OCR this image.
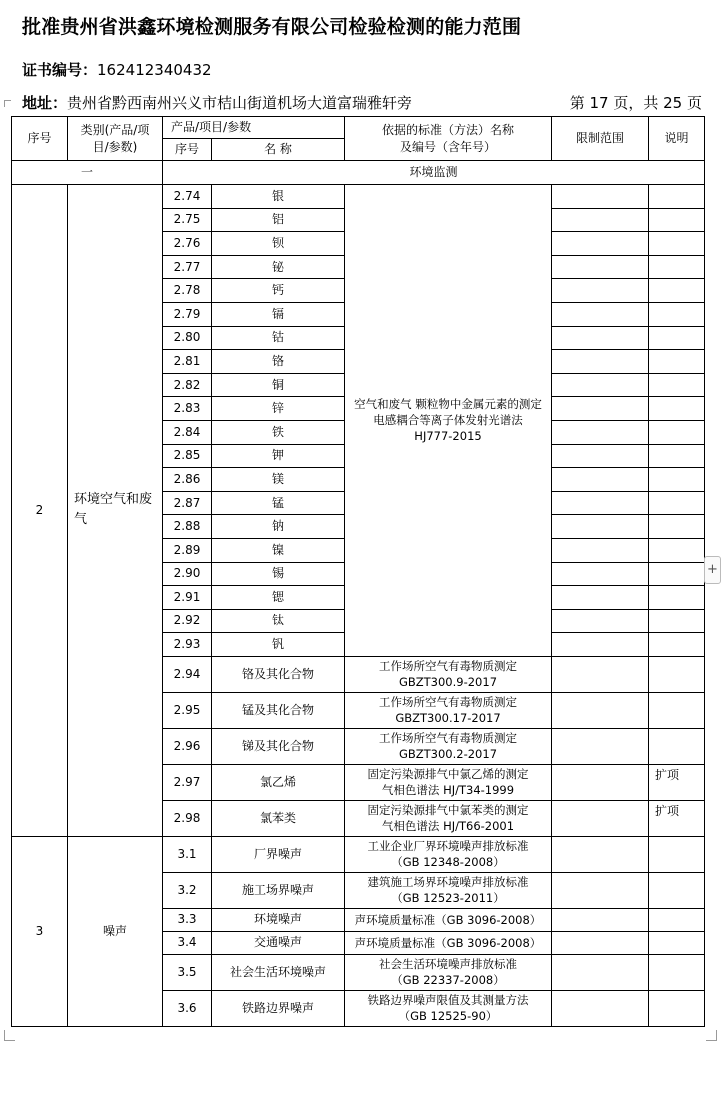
批准贵州省洪鑫环境检测服务有限公司检验检测的能力范围
证书编号：162412340432
地址：贵州省黔西南州兴义市桔山街道机场大道富瑞雅轩旁	第 17 页，共 25 页
序号	类别(产品/项
目/参数)	产品/项目/参数		依据的标准（方法）名称
及编号（含年号）	限制范围	说明
		序号	名 称			
一		环境监测				
2	环境空气和废气	2.74	银	空气和废气 颗粒物中金属元素的测定 电感耦合等离子体发射光谱法 HJ777-2015		
		2.75	铝			
		2.76	钡			
		2.77	铋			
		2.78	钙			
		2.79	镉			
		2.80	钴			
		2.81	铬			
		2.82	铜			
		2.83	锌			
		2.84	铁			
		2.85	钾			
		2.86	镁			
		2.87	锰			
		2.88	钠			
		2.89	镍			
		2.90	锡			
		2.91	锶			
		2.92	钛			
		2.93	钒			
		2.94	铬及其化合物	工作场所空气有毒物质测定
GBZT300.9-2017		
		2.95	锰及其化合物	工作场所空气有毒物质测定
GBZT300.17-2017		
		2.96	锑及其化合物	工作场所空气有毒物质测定
GBZT300.2-2017		
		2.97	氯乙烯	固定污染源排气中氯乙烯的测定
气相色谱法 HJ/T34-1999		扩项
		2.98	氯苯类	固定污染源排气中氯苯类的测定
气相色谱法 HJ/T66-2001		扩项
3	噪声	3.1	厂界噪声	工业企业厂界环境噪声排放标准
（GB 12348-2008）		
		3.2	施工场界噪声	建筑施工场界环境噪声排放标准
（GB 12523-2011）		
		3.3	环境噪声	声环境质量标准（GB 3096-2008）		
		3.4	交通噪声	声环境质量标准（GB 3096-2008）		
		3.5	社会生活环境噪声	社会生活环境噪声排放标准
（GB 22337-2008）		
		3.6	铁路边界噪声	铁路边界噪声限值及其测量方法
（GB 12525-90）		
+
